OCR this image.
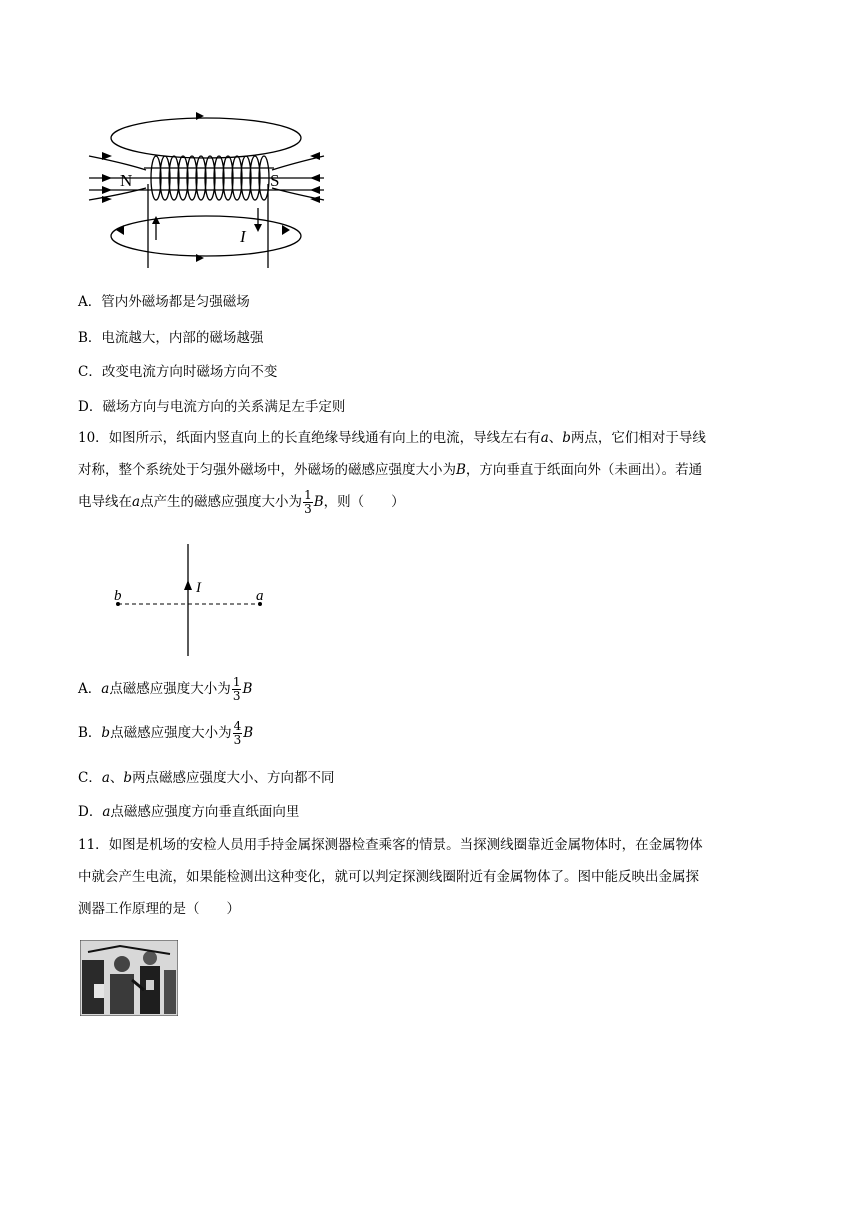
N	S
I
A．管内外磁场都是匀强磁场
B．电流越大，内部的磁场越强
C．改变电流方向时磁场方向不变
D．磁场方向与电流方向的关系满足左手定则
10．如图所示，纸面内竖直向上的长直绝缘导线通有向上的电流，导线左右有a、b两点，它们相对于导线
对称，整个系统处于匀强外磁场中，外磁场的磁感应强度大小为B，方向垂直于纸面向外（未画出）。若通
电导线在a点产生的磁感应强度大小为 $\frac{1}{3}$ B，则（　　）
b	a
I
A．a点磁感应强度大小为 $\frac{1}{3}$ B
B．b点磁感应强度大小为 $\frac{4}{3}$ B
C．a、b两点磁感应强度大小、方向都不同
D．a点磁感应强度方向垂直纸面向里
11．如图是机场的安检人员用手持金属探测器检查乘客的情景。当探测线圈靠近金属物体时，在金属物体
中就会产生电流，如果能检测出这种变化，就可以判定探测线圈附近有金属物体了。图中能反映出金属探
测器工作原理的是（　　）
